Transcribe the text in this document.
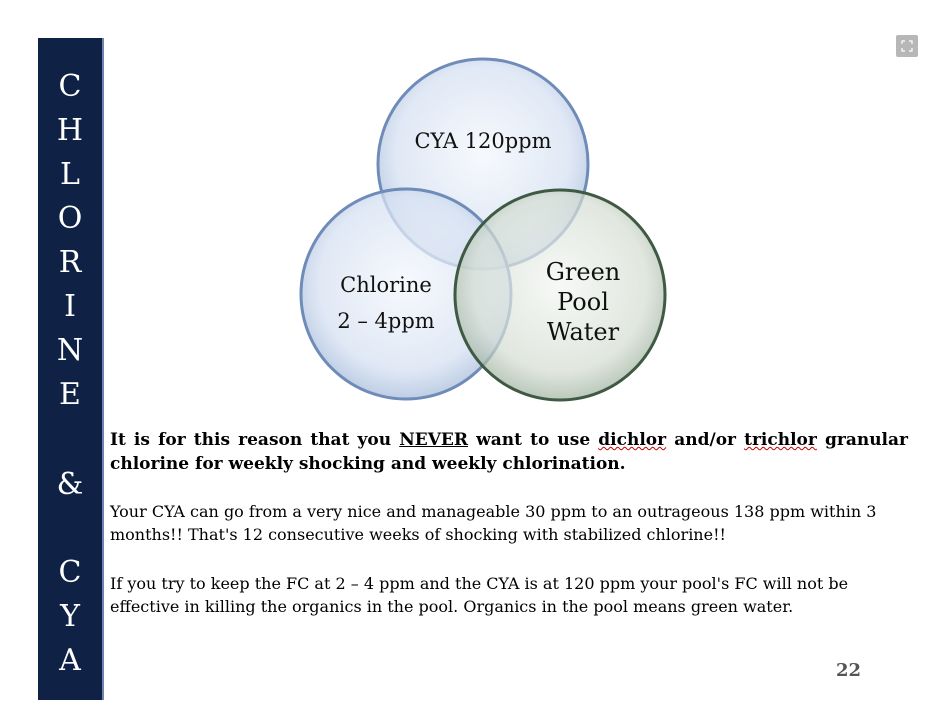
C
H
L
O
R
I
N
E
&
C
Y
A
CYA 120ppm
Chlorine
2 – 4ppm
Green
Pool
Water
It is for this reason that you NEVER want to use dichlor and/or trichlor granular chlorine for weekly shocking and weekly chlorination.
Your CYA can go from a very nice and manageable 30 ppm to an outrageous 138 ppm within 3 months!! That's 12 consecutive weeks of shocking with stabilized chlorine!!
If you try to keep the FC at 2 – 4 ppm and the CYA is at 120 ppm your pool's FC will not be effective in killing the organics in the pool. Organics in the pool means green water.
22
